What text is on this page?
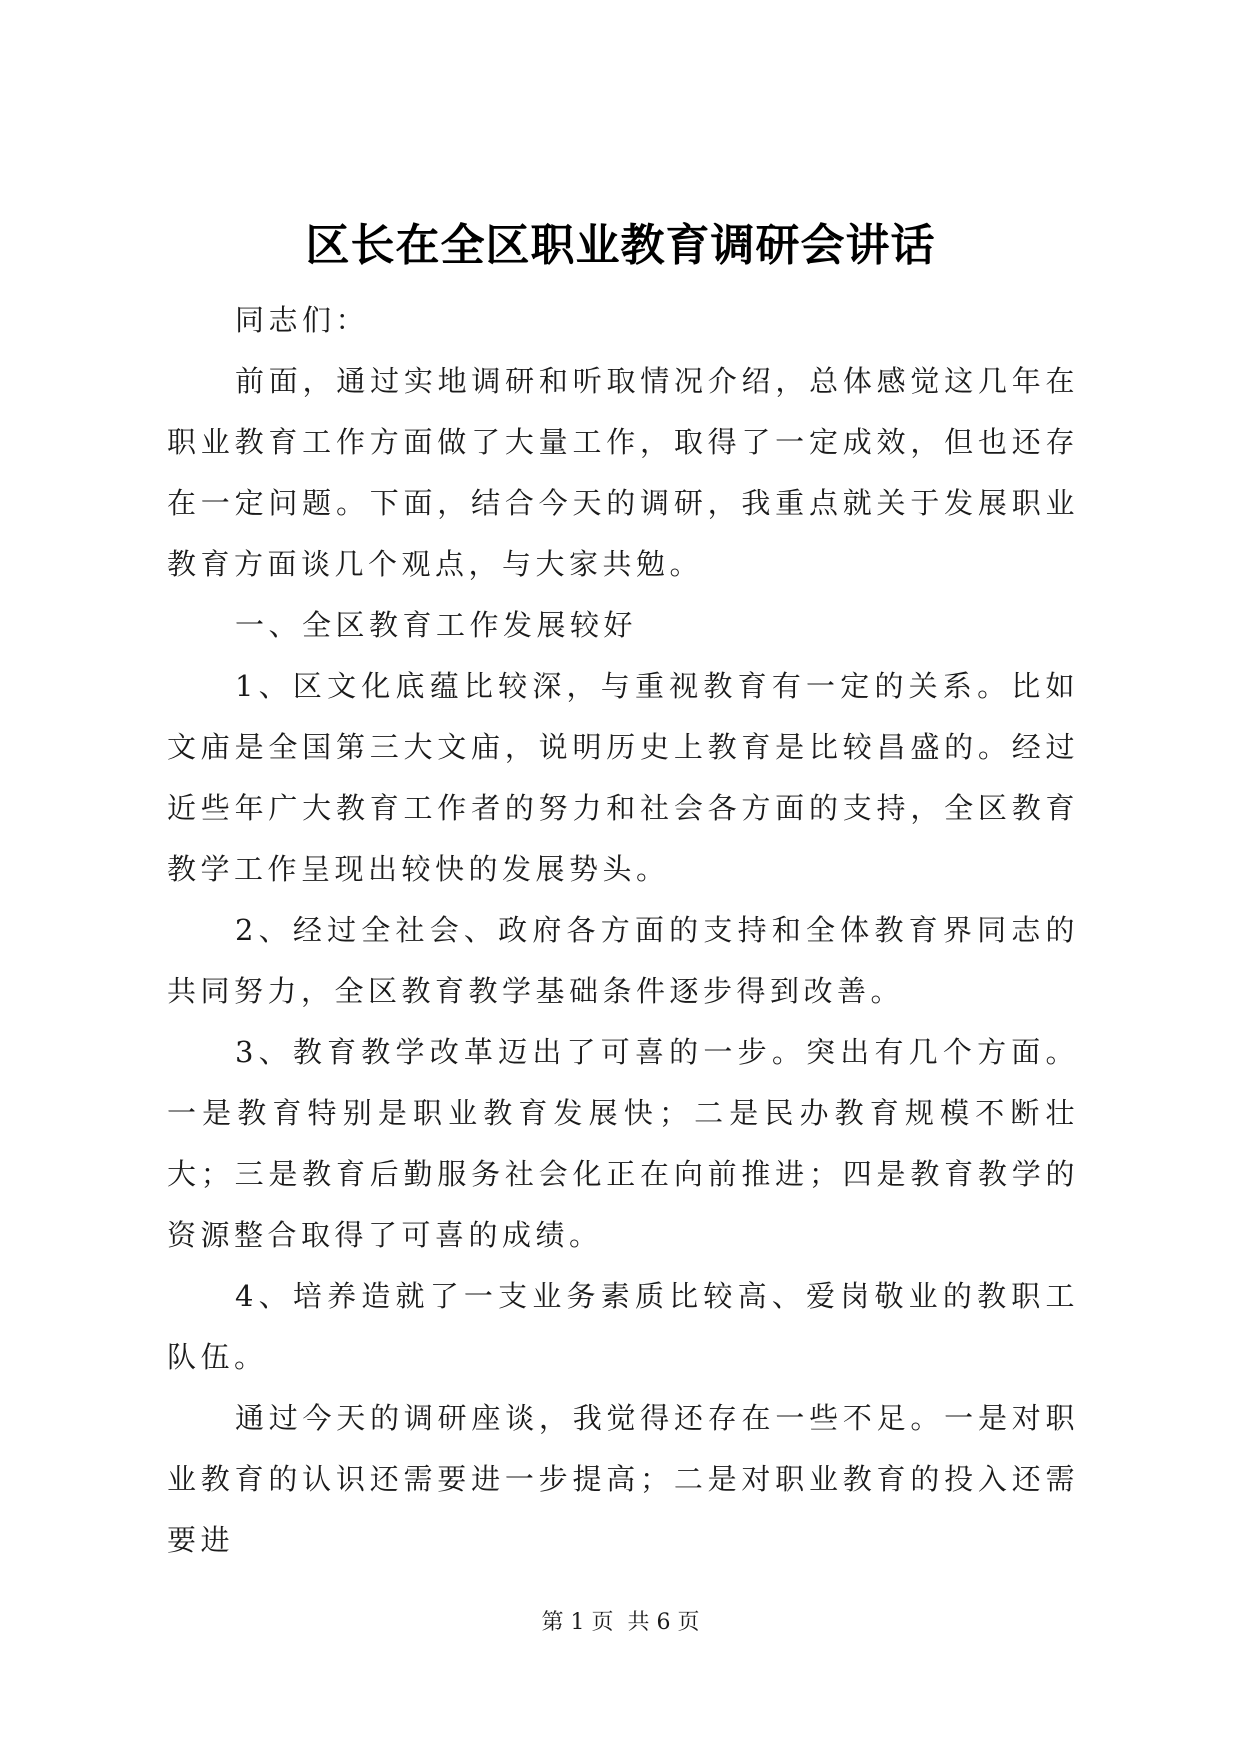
区长在全区职业教育调研会讲话

同志们：

前面，通过实地调研和听取情况介绍，总体感觉这几年在职业教育工作方面做了大量工作，取得了一定成效，但也还存在一定问题。下面，结合今天的调研，我重点就关于发展职业教育方面谈几个观点，与大家共勉。

一、全区教育工作发展较好

1、区文化底蕴比较深，与重视教育有一定的关系。比如文庙是全国第三大文庙，说明历史上教育是比较昌盛的。经过近些年广大教育工作者的努力和社会各方面的支持，全区教育教学工作呈现出较快的发展势头。

2、经过全社会、政府各方面的支持和全体教育界同志的共同努力，全区教育教学基础条件逐步得到改善。

3、教育教学改革迈出了可喜的一步。突出有几个方面。一是教育特别是职业教育发展快；二是民办教育规模不断壮大；三是教育后勤服务社会化正在向前推进；四是教育教学的资源整合取得了可喜的成绩。

4、培养造就了一支业务素质比较高、爱岗敬业的教职工队伍。

通过今天的调研座谈，我觉得还存在一些不足。一是对职业教育的认识还需要进一步提高；二是对职业教育的投入还需要进

第 1 页  共 6 页
